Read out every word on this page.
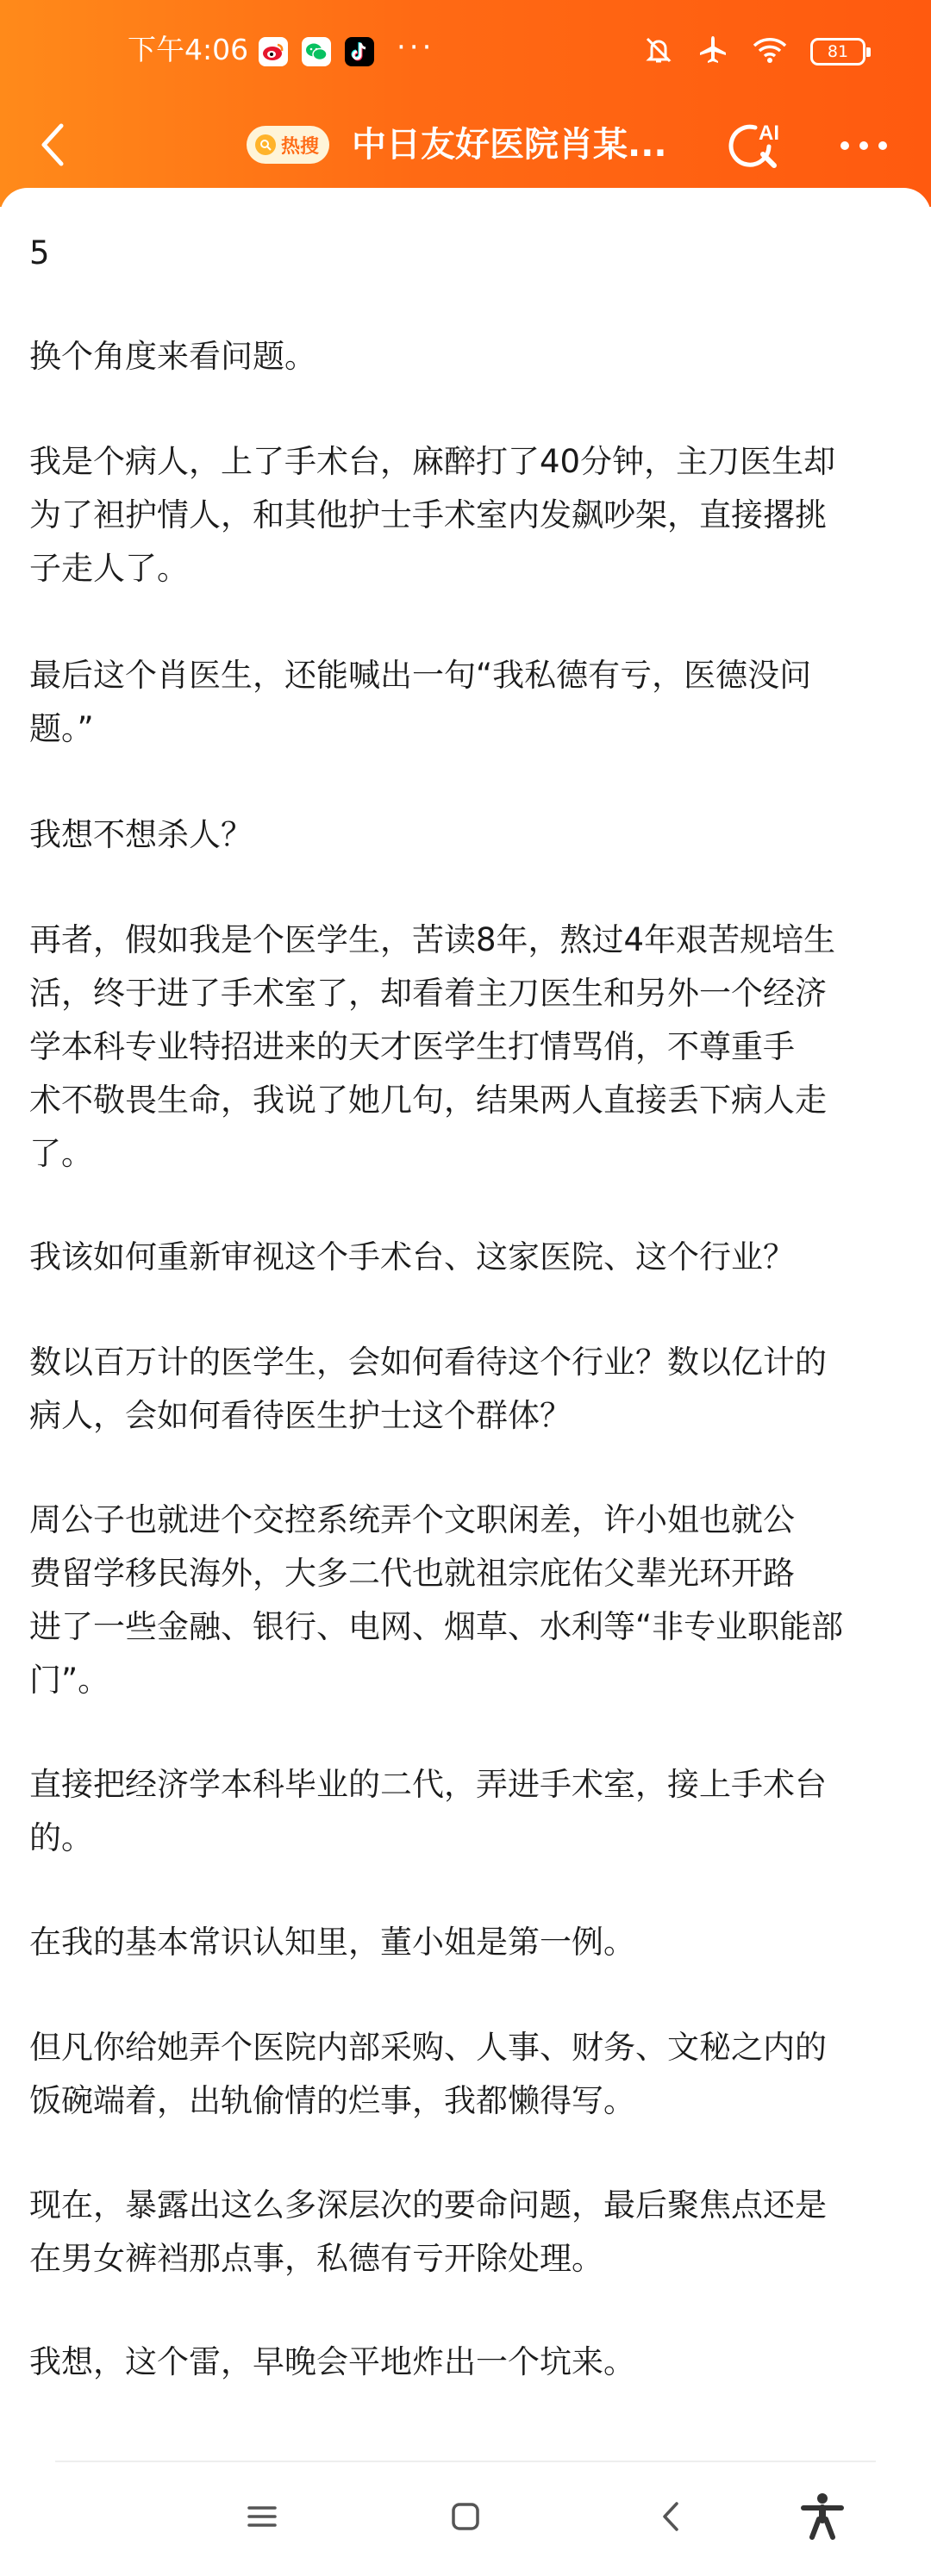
下午4:06	···	81
热搜 中日友好医院肖某...	AI

5

换个角度来看问题。

我是个病人，上了手术台，麻醉打了40分钟，主刀医生却
为了袒护情人，和其他护士手术室内发飙吵架，直接撂挑
子走人了。

最后这个肖医生，还能喊出一句“我私德有亏，医德没问
题。”

我想不想杀人？

再者，假如我是个医学生，苦读8年，熬过4年艰苦规培生
活，终于进了手术室了，却看着主刀医生和另外一个经济
学本科专业特招进来的天才医学生打情骂俏，不尊重手
术不敬畏生命，我说了她几句，结果两人直接丢下病人走
了。

我该如何重新审视这个手术台、这家医院、这个行业？

数以百万计的医学生，会如何看待这个行业？数以亿计的
病人，会如何看待医生护士这个群体？

周公子也就进个交控系统弄个文职闲差，许小姐也就公
费留学移民海外，大多二代也就祖宗庇佑父辈光环开路
进了一些金融、银行、电网、烟草、水利等“非专业职能部
门”。

直接把经济学本科毕业的二代，弄进手术室，接上手术台
的。

在我的基本常识认知里，董小姐是第一例。

但凡你给她弄个医院内部采购、人事、财务、文秘之内的
饭碗端着，出轨偷情的烂事，我都懒得写。

现在，暴露出这么多深层次的要命问题，最后聚焦点还是
在男女裤裆那点事，私德有亏开除处理。

我想，这个雷，早晚会平地炸出一个坑来。
